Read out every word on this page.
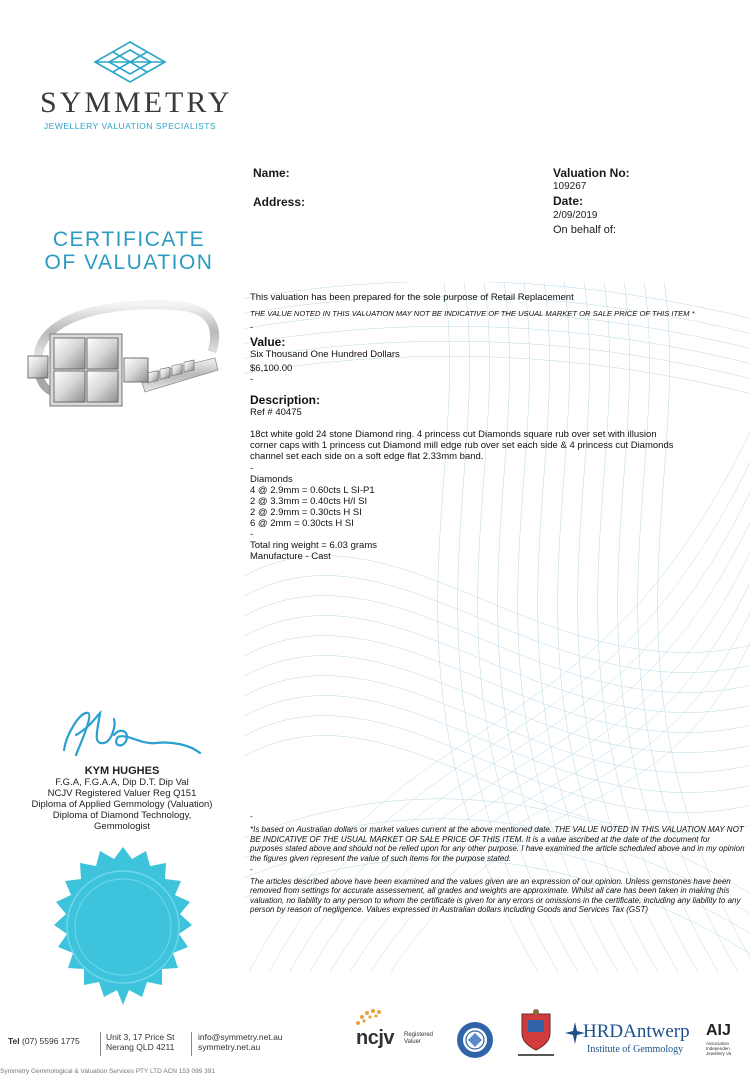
SYMMETRY
JEWELLERY VALUATION SPECIALISTS
CERTIFICATE
OF VALUATION
Name:
Address:
Valuation No:
109267
Date:
2/09/2019
On behalf of:
This valuation has been prepared for the sole purpose of Retail Replacement
THE VALUE NOTED IN THIS VALUATION MAY NOT BE INDICATIVE OF THE USUAL MARKET OR SALE PRICE OF THIS ITEM *
-
Value:
Six Thousand One Hundred Dollars
$6,100.00
-
Description:
Ref # 40475
18ct white gold 24 stone Diamond ring. 4 princess cut Diamonds square rub over set with illusion
corner caps with 1 princess cut Diamond mill edge rub over set each side & 4 princess cut Diamonds
channel set each side on a soft edge flat 2.33mm band.
-
Diamonds
4 @ 2.9mm = 0.60cts L SI-P1
2 @ 3.3mm = 0.40cts H/I SI
2 @ 2.9mm = 0.30cts H SI
6 @ 2mm = 0.30cts H SI
-
Total ring weight = 6.03 grams
Manufacture - Cast
-
*Is based on Australian dollars or market values current at the above mentioned date. THE VALUE NOTED IN THIS VALUATION MAY NOT BE INDICATIVE OF THE USUAL MARKET OR SALE PRICE OF THIS ITEM. It is a value ascribed at the date of the document for purposes stated above and should not be relied upon for any other purpose. I have examined the article scheduled above and in my opinion the figures given represent the value of such items for the purpose stated.
-
The articles described above have been examined and the values given are an expression of our opinion. Unless gemstones have been removed from settings for accurate assessement, all grades and weights are approximate. Whilst all care has been taken in making this valuation, no liability to any person to whom the certificate is given for any errors or omissions in the certificate, including any liability to any person by reason of negligence. Values expressed in Australian dollars including Goods and Services Tax (GST)
KYM HUGHES
F.G.A, F.G.A.A, Dip D.T. Dip Val
NCJV Registered Valuer Reg Q151
Diploma of Applied Gemmology (Valuation)
Diploma of Diamond Technology,
Gemmologist
Tel (07) 5596 1775	Unit 3, 17 Price St
Nerang QLD 4211
info@symmetry.net.au
symmetry.net.au	ncjv Registered
Valuer	HRDAntwerp
Institute of Gemmology
AIJ
Association
Independen
Jewellery Va
Symmetry Gemmological & Valuation Services PTY LTD ACN 153 099 391
